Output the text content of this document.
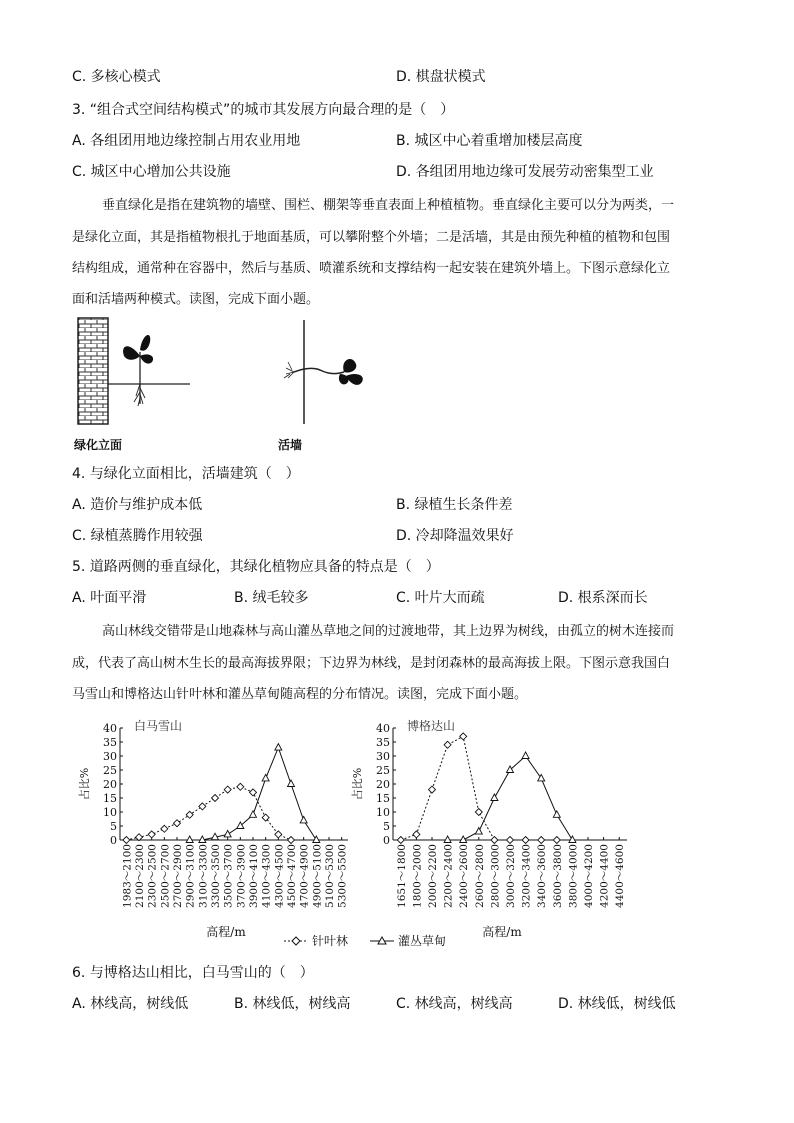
C. 多核心模式	D. 棋盘状模式
3. “组合式空间结构模式”的城市其发展方向最合理的是（　）
A. 各组团用地边缘控制占用农业用地	B. 城区中心着重增加楼层高度
C. 城区中心增加公共设施	D. 各组团用地边缘可发展劳动密集型工业
垂直绿化是指在建筑物的墙壁、围栏、棚架等垂直表面上种植植物。垂直绿化主要可以分为两类，一
是绿化立面，其是指植物根扎于地面基质，可以攀附整个外墙；二是活墙，其是由预先种植的植物和包围
结构组成，通常种在容器中，然后与基质、喷灌系统和支撑结构一起安装在建筑外墙上。下图示意绿化立
面和活墙两种模式。读图，完成下面小题。
绿化立面	活墙
4. 与绿化立面相比，活墙建筑（　）
A. 造价与维护成本低	B. 绿植生长条件差
C. 绿植蒸腾作用较强	D. 冷却降温效果好
5. 道路两侧的垂直绿化，其绿化植物应具备的特点是（　）
A. 叶面平滑	B. 绒毛较多	C. 叶片大而疏	D. 根系深而长
高山林线交错带是山地森林与高山灌丛草地之间的过渡地带，其上边界为树线，由孤立的树木连接而
成，代表了高山树木生长的最高海拔界限；下边界为林线，是封闭森林的最高海拔上限。下图示意我国白
马雪山和博格达山针叶林和灌丛草甸随高程的分布情况。读图，完成下面小题。
0
5
10
15
20
25
30
35
40
1983～2100 2100～2300 2300～2500 2500～2700 2700～2900 2900～3100 3100～3300 3300～3500 3500～3700 3700～3900 3900～4100 4100～4300 4300～4500 4500～4700 4700～4900 4900～5100 5100～5300 5300～5500
白马雪山
占比%
高程/m
0
5
10
15
20
25
30
35
40
1651～1800 1800～2000 2000～2200 2200～2400 2400～2600 2600～2800 2800～3000 3000～3200 3200～3400 3400～3600 3600～3800 3800～4000 4000～4200 4200～4400 4400～4600
博格达山
占比%
高程/m
针叶林	灌丛草甸
6. 与博格达山相比，白马雪山的（　）
A. 林线高，树线低	B. 林线低，树线高	C. 林线高，树线高	D. 林线低，树线低
